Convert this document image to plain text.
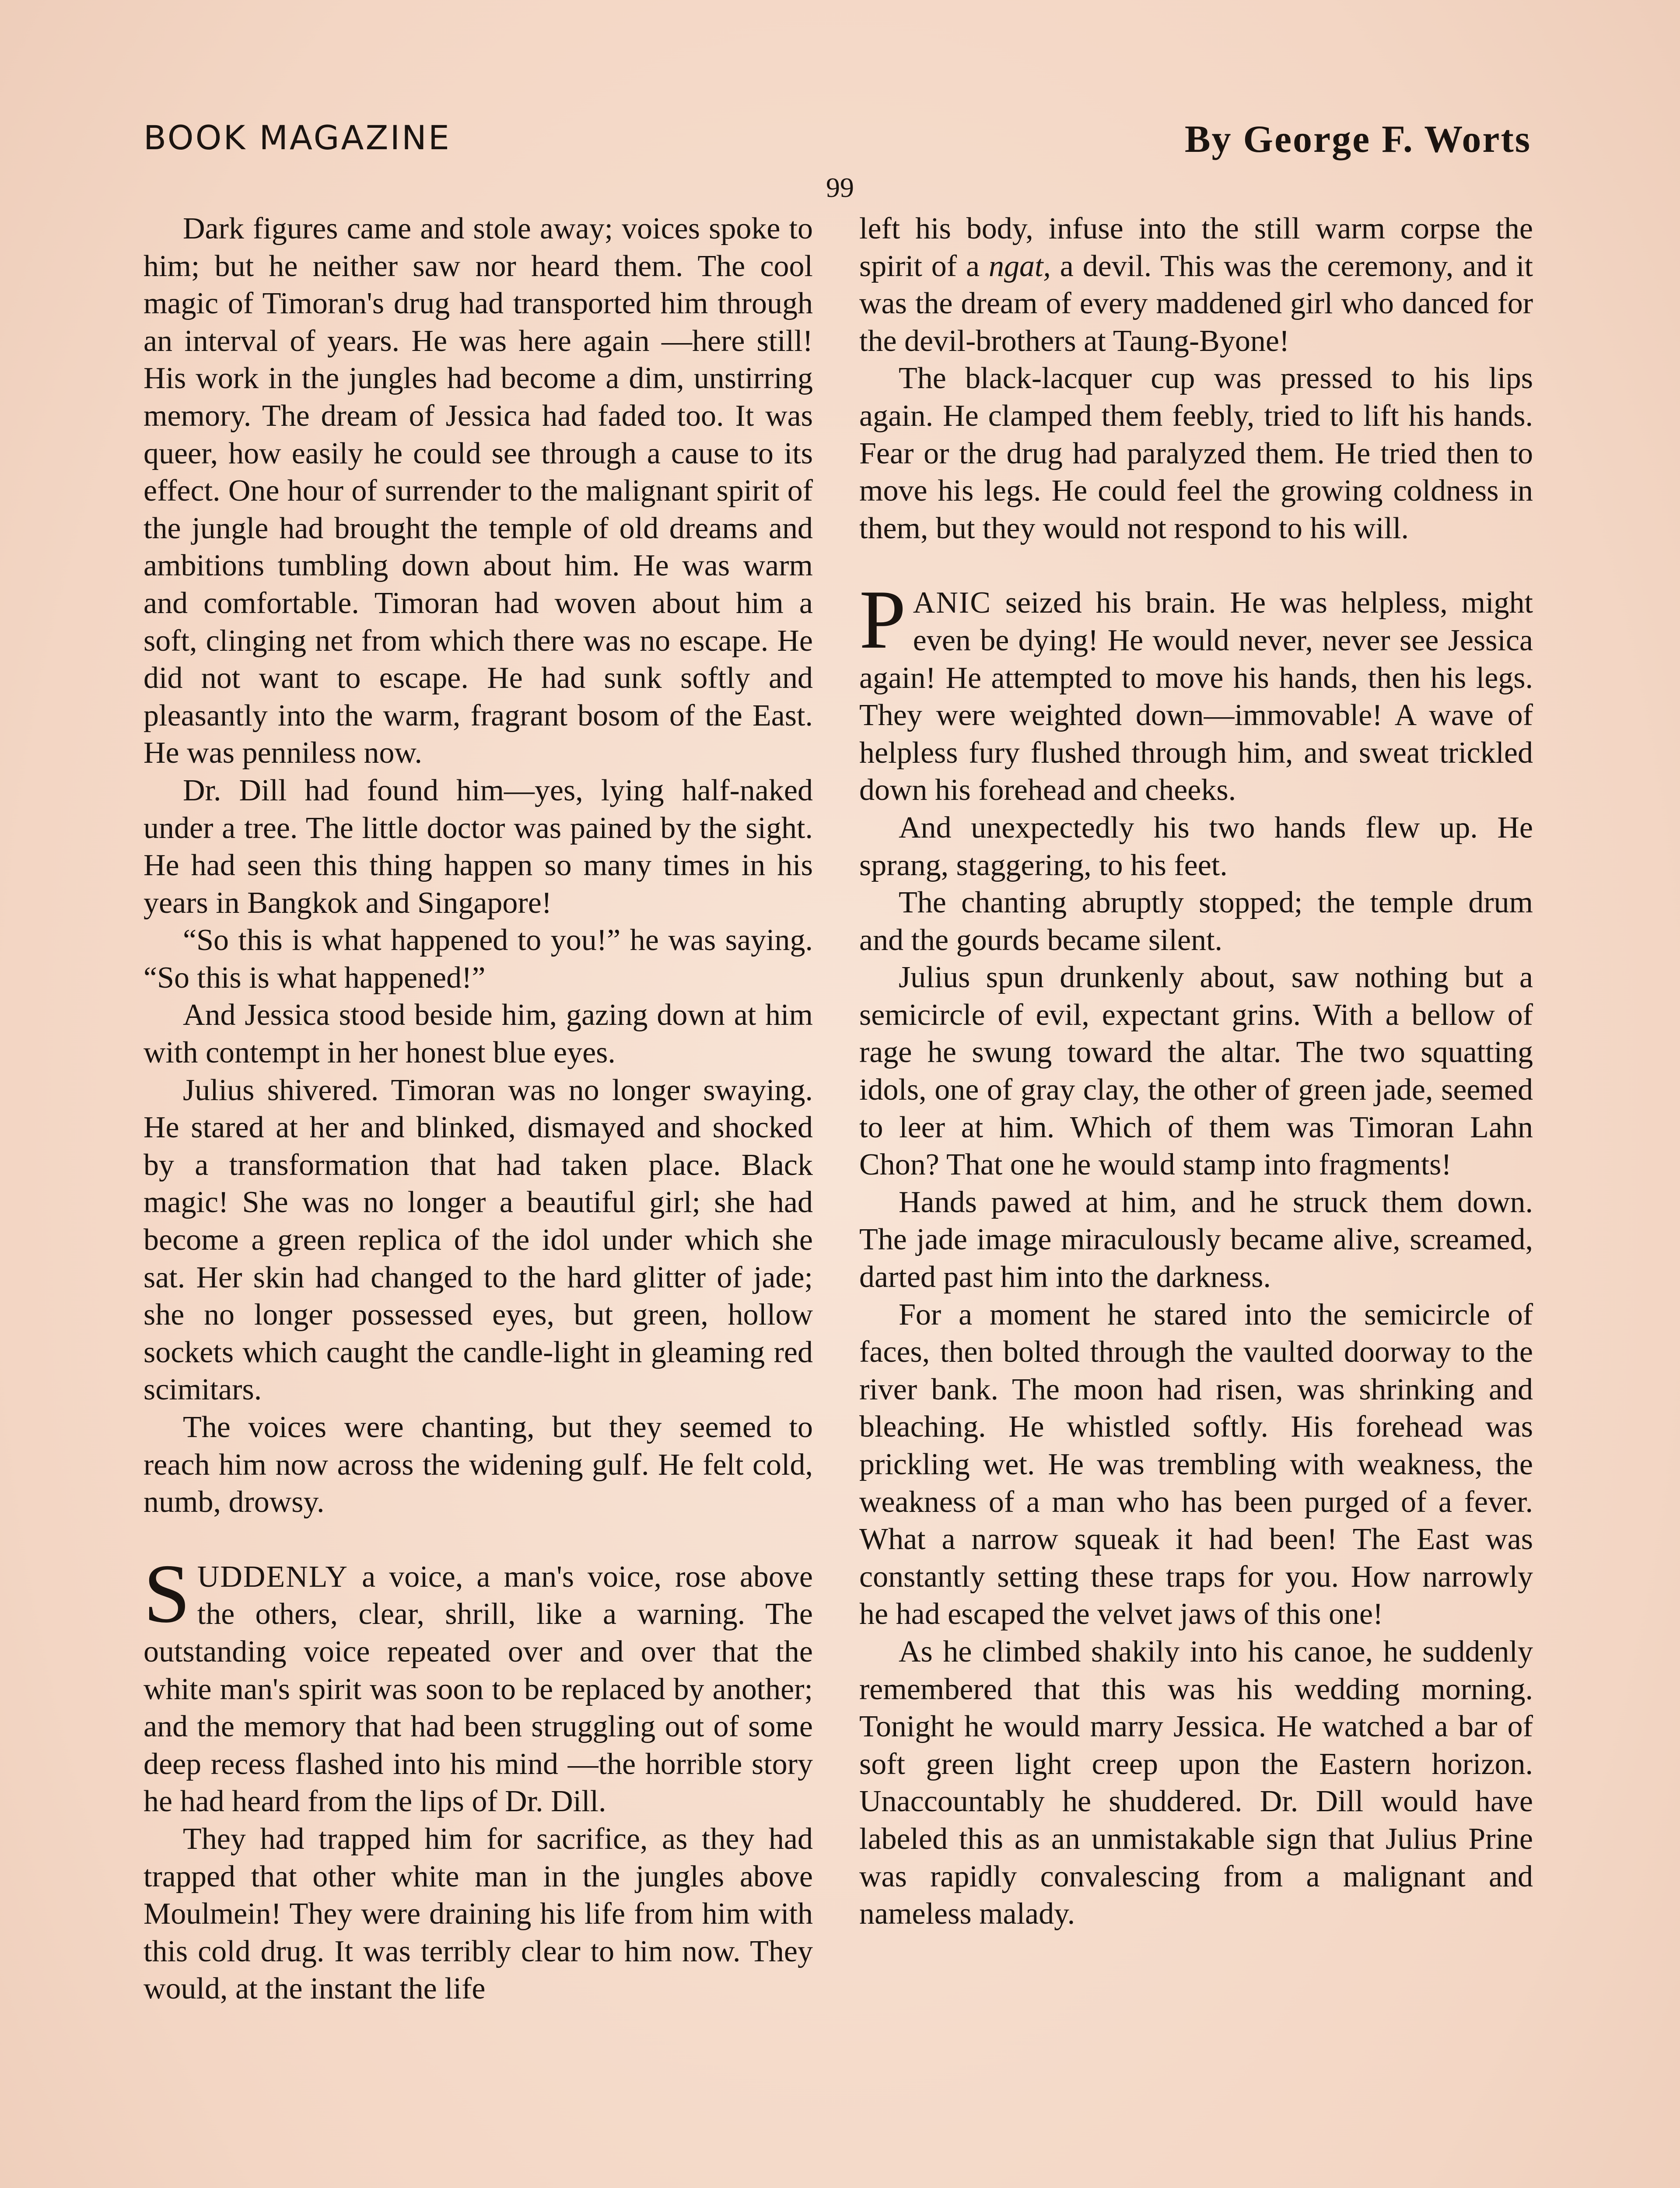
BOOK MAGAZINE	By George F. Worts
99

Dark figures came and stole away; voices spoke to him; but he neither saw nor heard them. The cool magic of Timoran's drug had transported him through an interval of years. He was here again —here still! His work in the jungles had become a dim, unstirring memory. The dream of Jessica had faded too. It was queer, how easily he could see through a cause to its effect. One hour of surrender to the malignant spirit of the jungle had brought the temple of old dreams and ambitions tumbling down about him. He was warm and comfortable. Timoran had woven about him a soft, clinging net from which there was no escape. He did not want to escape. He had sunk softly and pleasantly into the warm, fragrant bosom of the East. He was penniless now.

Dr. Dill had found him—yes, lying half-naked under a tree. The little doctor was pained by the sight. He had seen this thing happen so many times in his years in Bangkok and Singapore!

“So this is what happened to you!” he was saying. “So this is what happened!”

And Jessica stood beside him, gazing down at him with contempt in her honest blue eyes.

Julius shivered. Timoran was no longer swaying. He stared at her and blinked, dismayed and shocked by a transformation that had taken place. Black magic! She was no longer a beautiful girl; she had become a green replica of the idol under which she sat. Her skin had changed to the hard glitter of jade; she no longer possessed eyes, but green, hollow sockets which caught the candle-light in gleaming red scimitars.

The voices were chanting, but they seemed to reach him now across the widening gulf. He felt cold, numb, drowsy.

SUDDENLY a voice, a man's voice, rose above the others, clear, shrill, like a warning. The outstanding voice repeated over and over that the white man's spirit was soon to be replaced by another; and the memory that had been struggling out of some deep recess flashed into his mind —the horrible story he had heard from the lips of Dr. Dill.

They had trapped him for sacrifice, as they had trapped that other white man in the jungles above Moulmein! They were draining his life from him with this cold drug. It was terribly clear to him now. They would, at the instant the life

left his body, infuse into the still warm corpse the spirit of a ngat, a devil. This was the ceremony, and it was the dream of every maddened girl who danced for the devil-brothers at Taung-Byone!

The black-lacquer cup was pressed to his lips again. He clamped them feebly, tried to lift his hands. Fear or the drug had paralyzed them. He tried then to move his legs. He could feel the growing coldness in them, but they would not respond to his will.

PANIC seized his brain. He was helpless, might even be dying! He would never, never see Jessica again! He attempted to move his hands, then his legs. They were weighted down—immovable! A wave of helpless fury flushed through him, and sweat trickled down his forehead and cheeks.

And unexpectedly his two hands flew up. He sprang, staggering, to his feet.

The chanting abruptly stopped; the temple drum and the gourds became silent.

Julius spun drunkenly about, saw nothing but a semicircle of evil, expectant grins. With a bellow of rage he swung toward the altar. The two squatting idols, one of gray clay, the other of green jade, seemed to leer at him. Which of them was Timoran Lahn Chon? That one he would stamp into fragments!

Hands pawed at him, and he struck them down. The jade image miraculously became alive, screamed, darted past him into the darkness.

For a moment he stared into the semicircle of faces, then bolted through the vaulted doorway to the river bank. The moon had risen, was shrinking and bleaching. He whistled softly. His forehead was prickling wet. He was trembling with weakness, the weakness of a man who has been purged of a fever. What a narrow squeak it had been! The East was constantly setting these traps for you. How narrowly he had escaped the velvet jaws of this one!

As he climbed shakily into his canoe, he suddenly remembered that this was his wedding morning. Tonight he would marry Jessica. He watched a bar of soft green light creep upon the Eastern horizon. Unaccountably he shuddered. Dr. Dill would have labeled this as an unmistakable sign that Julius Prine was rapidly convalescing from a malignant and nameless malady.
